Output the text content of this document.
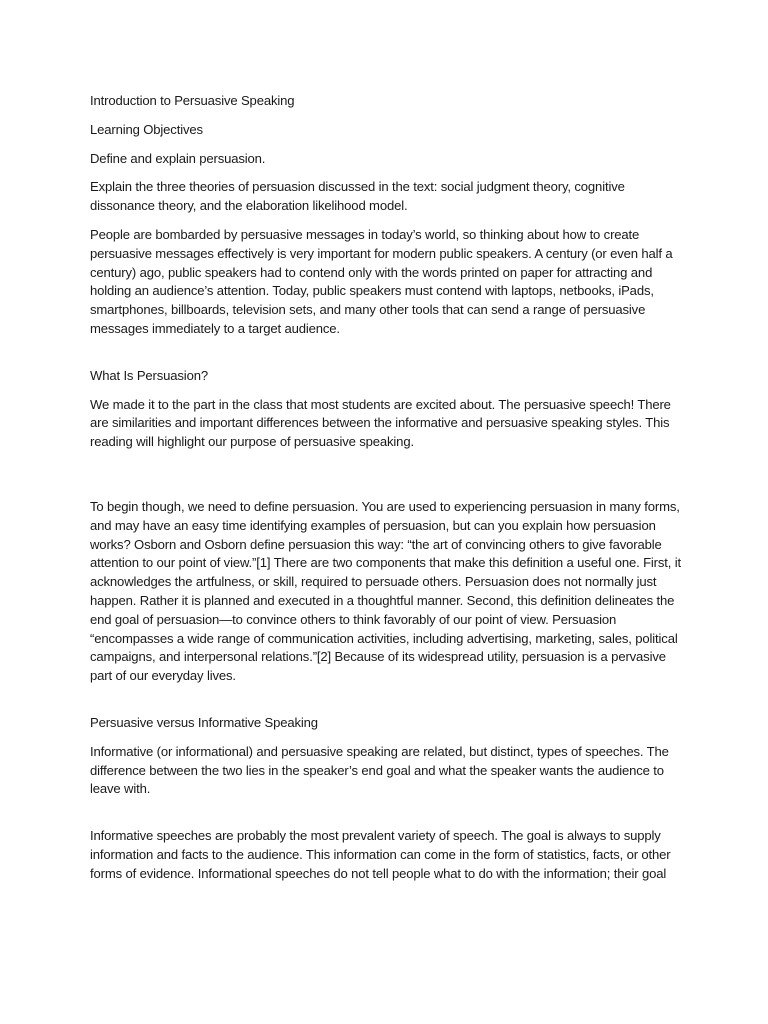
Introduction to Persuasive Speaking

Learning Objectives

Define and explain persuasion.

Explain the three theories of persuasion discussed in the text: social judgment theory, cognitive dissonance theory, and the elaboration likelihood model.

People are bombarded by persuasive messages in today’s world, so thinking about how to create persuasive messages effectively is very important for modern public speakers. A century (or even half a century) ago, public speakers had to contend only with the words printed on paper for attracting and holding an audience’s attention. Today, public speakers must contend with laptops, netbooks, iPads, smartphones, billboards, television sets, and many other tools that can send a range of persuasive messages immediately to a target audience.

What Is Persuasion?

We made it to the part in the class that most students are excited about. The persuasive speech! There are similarities and important differences between the informative and persuasive speaking styles. This reading will highlight our purpose of persuasive speaking.

To begin though, we need to define persuasion. You are used to experiencing persuasion in many forms, and may have an easy time identifying examples of persuasion, but can you explain how persuasion works? Osborn and Osborn define persuasion this way: “the art of convincing others to give favorable attention to our point of view.”[1] There are two components that make this definition a useful one. First, it acknowledges the artfulness, or skill, required to persuade others. Persuasion does not normally just happen. Rather it is planned and executed in a thoughtful manner. Second, this definition delineates the end goal of persuasion—to convince others to think favorably of our point of view. Persuasion “encompasses a wide range of communication activities, including advertising, marketing, sales, political campaigns, and interpersonal relations.”[2] Because of its widespread utility, persuasion is a pervasive part of our everyday lives.

Persuasive versus Informative Speaking

Informative (or informational) and persuasive speaking are related, but distinct, types of speeches. The difference between the two lies in the speaker’s end goal and what the speaker wants the audience to leave with.

Informative speeches are probably the most prevalent variety of speech. The goal is always to supply information and facts to the audience. This information can come in the form of statistics, facts, or other forms of evidence. Informational speeches do not tell people what to do with the information; their goal
